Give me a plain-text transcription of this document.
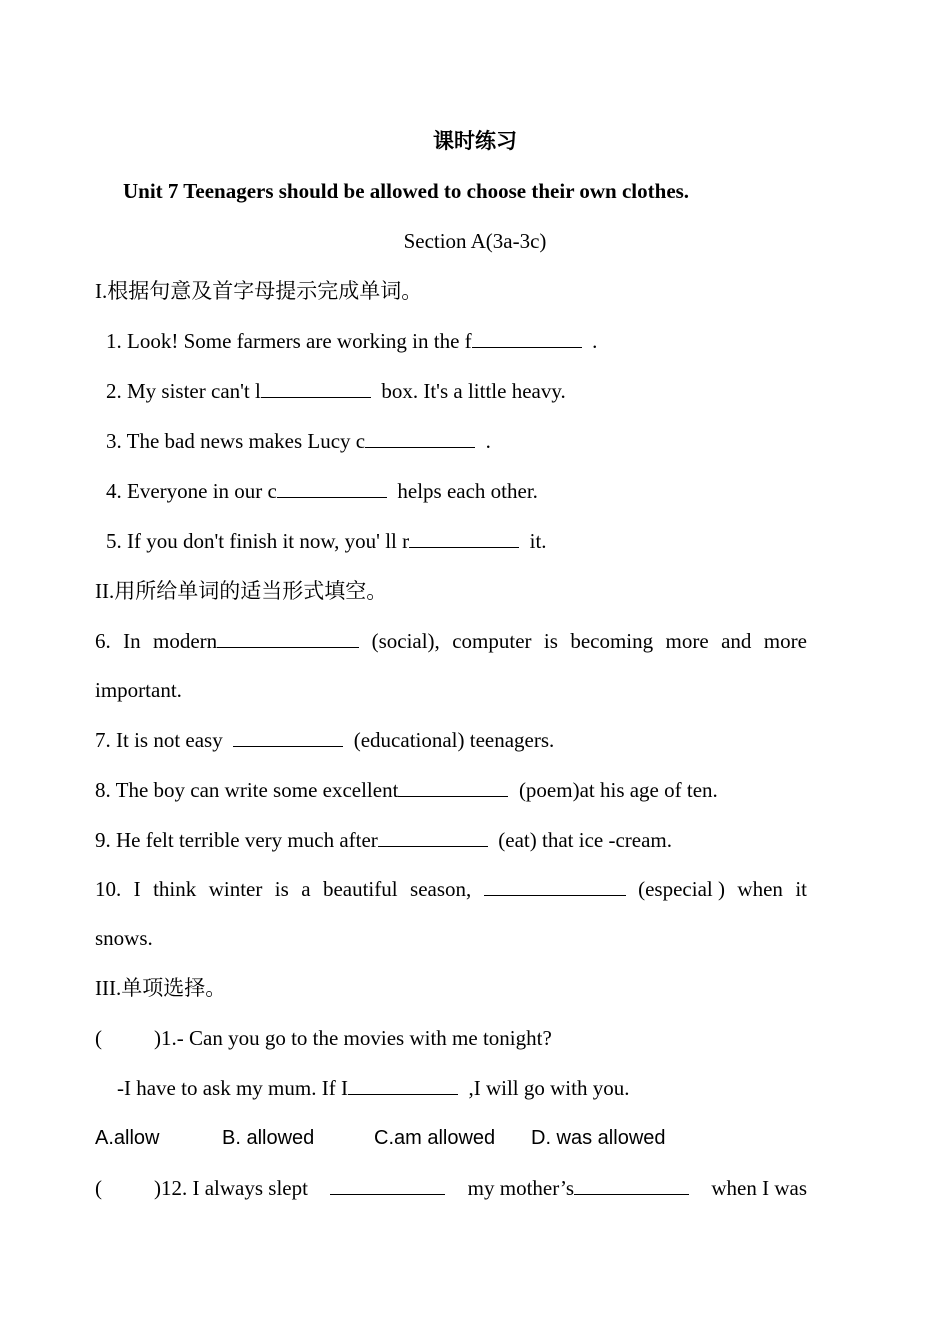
课时练习
Unit 7 Teenagers should be allowed to choose their own clothes.
Section A(3a-3c)
I.根据句意及首字母提示完成单词。
1. Look! Some farmers are working in the f	.
2. My sister can't l	box. It's a little heavy.
3. The bad news makes Lucy c	.
4. Everyone in our c	helps each other.
5. If you don't finish it now, you' ll r	it.
II.用所给单词的适当形式填空。
6. In modern	(social), computer is becoming more and more
important.
7. It is not easy	(educational) teenagers.
8. The boy can write some excellent	(poem)at his age of ten.
9. He felt terrible very much after	(eat) that ice -cream.
10. I think winter is a beautiful season,	(especial ) when it
snows.
III.单项选择。
( )1.- Can you go to the movies with me tonight?
-I have to ask my mum. If I	,I will go with you.
A.allow	B. allowed	C.am allowed D. was allowed
( )12. I always slept	my mother’s	when I was
